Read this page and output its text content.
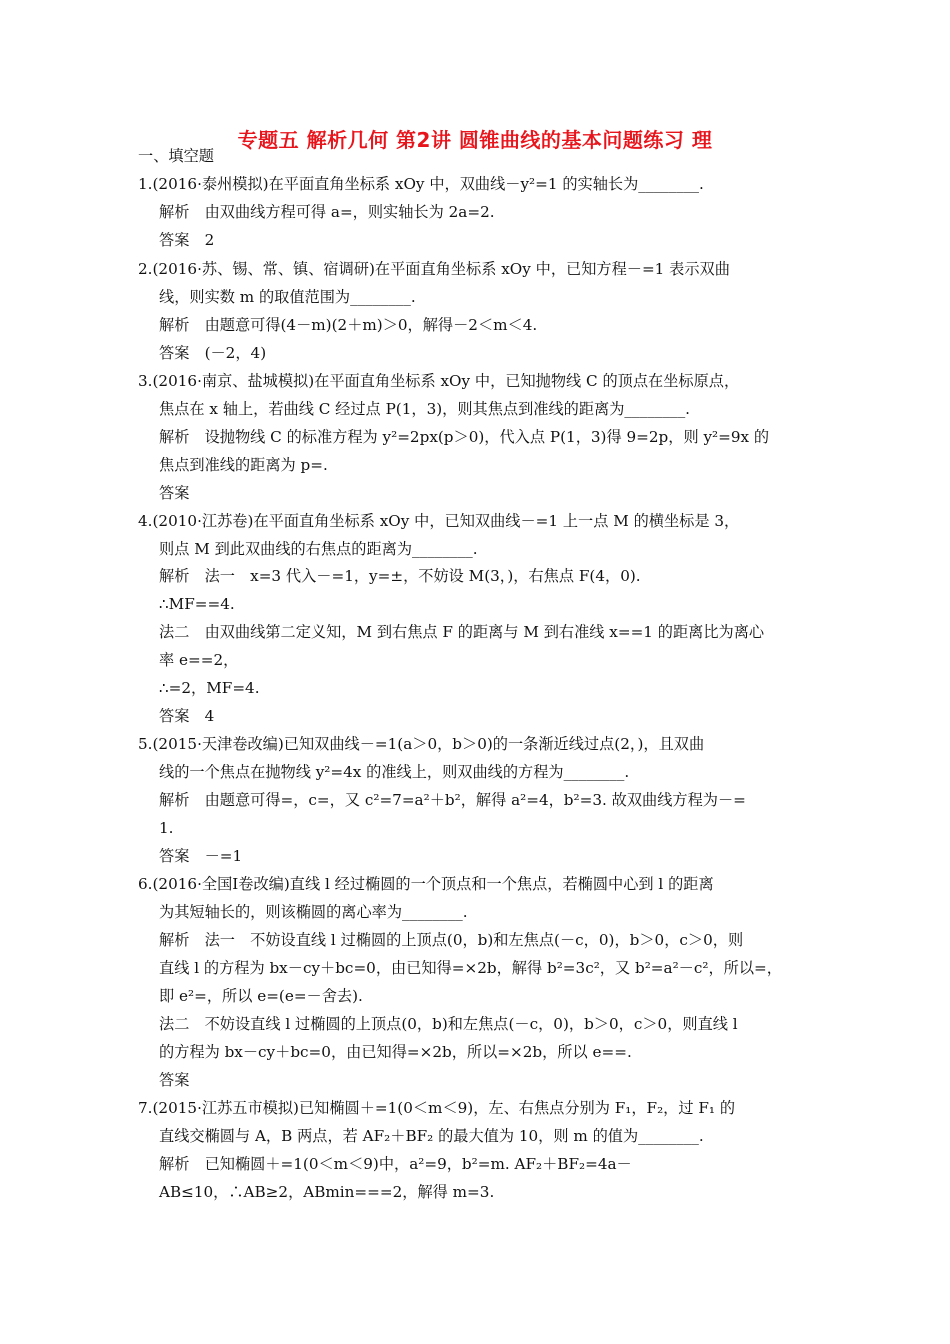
专题五 解析几何 第2讲 圆锥曲线的基本问题练习 理
一、填空题
1.(2016·泰州模拟)在平面直角坐标系 xOy 中，双曲线－y²=1 的实轴长为________.
解析　由双曲线方程可得 a=，则实轴长为 2a=2.
答案　2
2.(2016·苏、锡、常、镇、宿调研)在平面直角坐标系 xOy 中，已知方程－=1 表示双曲
线，则实数 m 的取值范围为________.
解析　由题意可得(4－m)(2＋m)＞0，解得－2＜m＜4.
答案　(－2，4)
3.(2016·南京、盐城模拟)在平面直角坐标系 xOy 中，已知抛物线 C 的顶点在坐标原点，
焦点在 x 轴上，若曲线 C 经过点 P(1，3)，则其焦点到准线的距离为________.
解析　设抛物线 C 的标准方程为 y²=2px(p＞0)，代入点 P(1，3)得 9=2p，则 y²=9x 的
焦点到准线的距离为 p=.
答案
4.(2010·江苏卷)在平面直角坐标系 xOy 中，已知双曲线－=1 上一点 M 的横坐标是 3，
则点 M 到此双曲线的右焦点的距离为________.
解析　法一　x=3 代入－=1，y=±，不妨设 M(3，)，右焦点 F(4，0).
∴MF==4.
法二　由双曲线第二定义知，M 到右焦点 F 的距离与 M 到右准线 x==1 的距离比为离心
率 e==2，
∴=2，MF=4.
答案　4
5.(2015·天津卷改编)已知双曲线－=1(a＞0，b＞0)的一条渐近线过点(2，)，且双曲
线的一个焦点在抛物线 y²=4x 的准线上，则双曲线的方程为________.
解析　由题意可得=，c=，又 c²=7=a²＋b²，解得 a²=4，b²=3. 故双曲线方程为－=
1.
答案　－=1
6.(2016·全国Ⅰ卷改编)直线 l 经过椭圆的一个顶点和一个焦点，若椭圆中心到 l 的距离
为其短轴长的，则该椭圆的离心率为________.
解析　法一　不妨设直线 l 过椭圆的上顶点(0，b)和左焦点(－c，0)，b＞0，c＞0，则
直线 l 的方程为 bx－cy＋bc=0，由已知得=×2b，解得 b²=3c²，又 b²=a²－c²，所以=，
即 e²=，所以 e=(e=－舍去).
法二　不妨设直线 l 过椭圆的上顶点(0，b)和左焦点(－c，0)，b＞0，c＞0，则直线 l
的方程为 bx－cy＋bc=0，由已知得=×2b，所以=×2b，所以 e==.
答案
7.(2015·江苏五市模拟)已知椭圆＋=1(0＜m＜9)，左、右焦点分别为 F₁，F₂，过 F₁ 的
直线交椭圆与 A，B 两点，若 AF₂＋BF₂ 的最大值为 10，则 m 的值为________.
解析　已知椭圆＋=1(0＜m＜9)中，a²=9，b²=m. AF₂＋BF₂=4a－
AB≤10，∴AB≥2，ABmin===2，解得 m=3.
